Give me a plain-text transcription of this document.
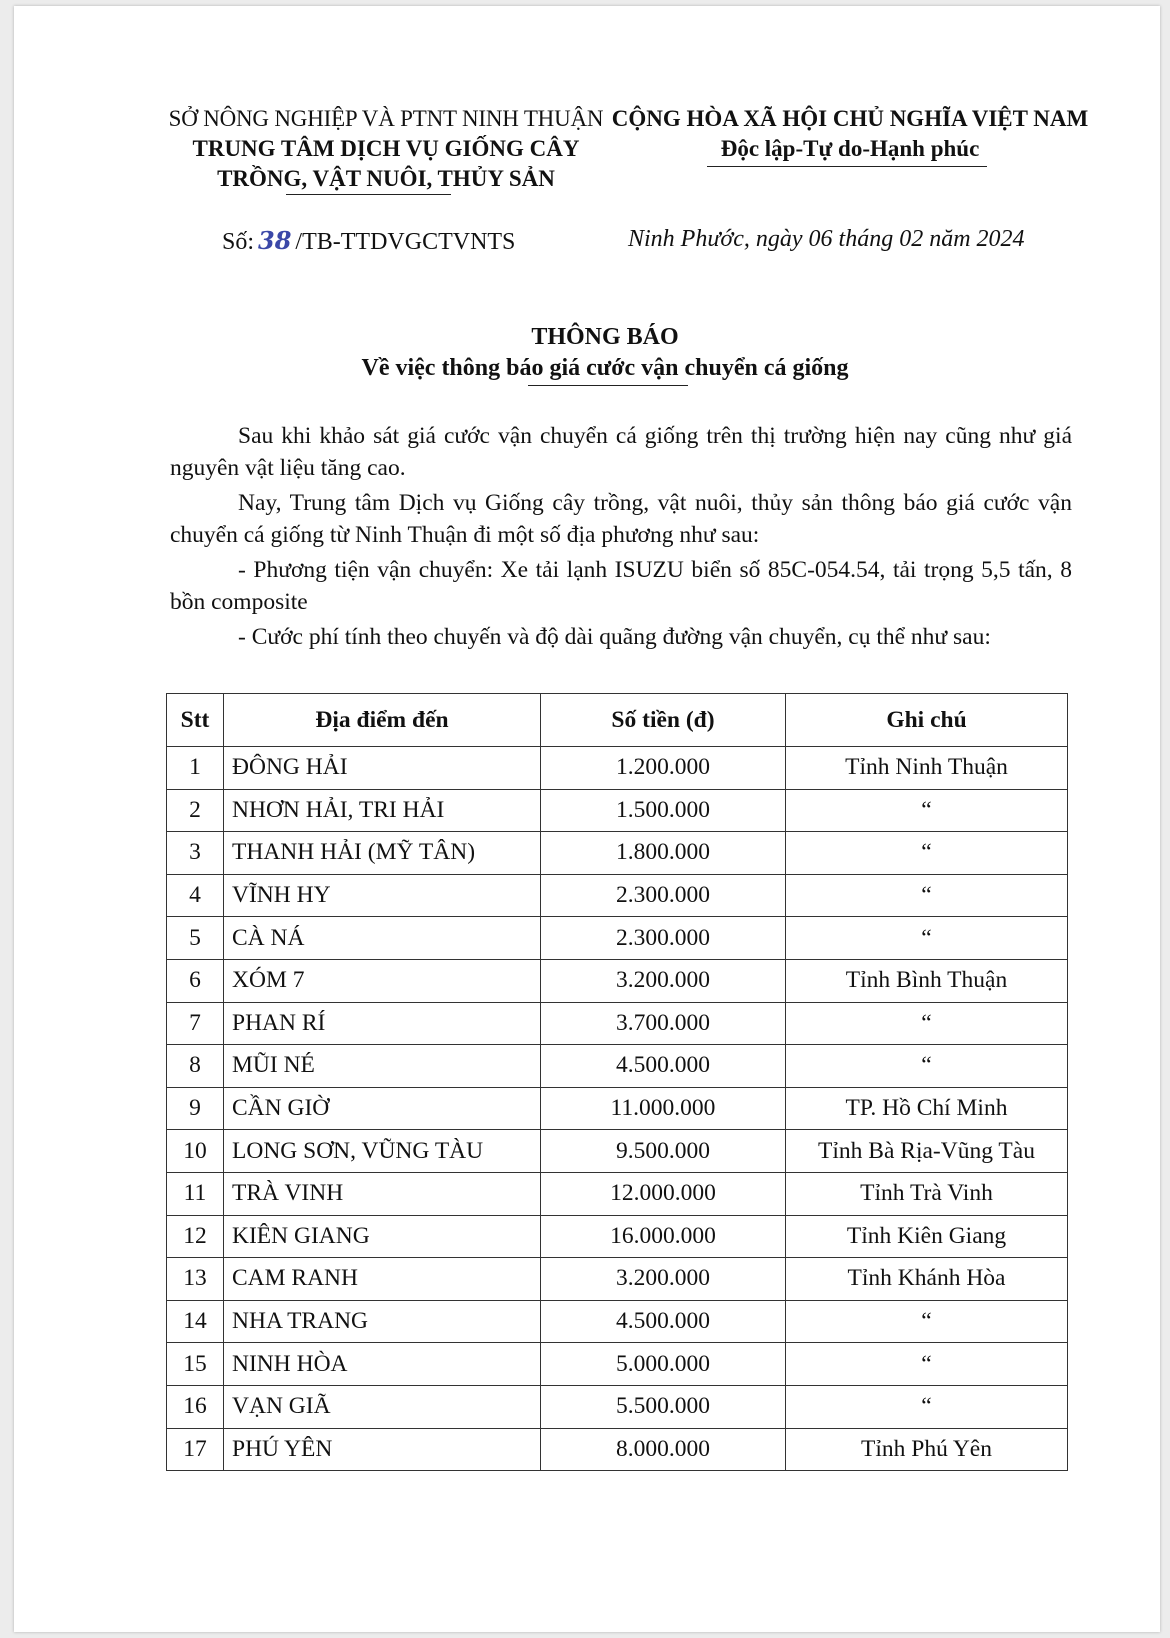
SỞ NÔNG NGHIỆP VÀ PTNT NINH THUẬN
TRUNG TÂM DỊCH VỤ GIỐNG CÂY
TRỒNG, VẬT NUÔI, THỦY SẢN
CỘNG HÒA XÃ HỘI CHỦ NGHĨA VIỆT NAM
Độc lập-Tự do-Hạnh phúc
Số: 38 /TB-TTDVGCTVNTS	Ninh Phước, ngày 06 tháng 02 năm 2024
THÔNG BÁO
Về việc thông báo giá cước vận chuyển cá giống

Sau khi khảo sát giá cước vận chuyển cá giống trên thị trường hiện nay cũng như giá nguyên vật liệu tăng cao.

Nay, Trung tâm Dịch vụ Giống cây trồng, vật nuôi, thủy sản thông báo giá cước vận chuyển cá giống từ Ninh Thuận đi một số địa phương như sau:

- Phương tiện vận chuyển: Xe tải lạnh ISUZU biển số 85C-054.54, tải trọng 5,5 tấn, 8 bồn composite

- Cước phí tính theo chuyến và độ dài quãng đường vận chuyển, cụ thể như sau:

Stt	Địa điểm đến	Số tiền (đ)	Ghi chú
1	ĐÔNG HẢI	1.200.000	Tỉnh Ninh Thuận
2	NHƠN HẢI, TRI HẢI	1.500.000	“
3	THANH HẢI (MỸ TÂN)	1.800.000	“
4	VĨNH HY	2.300.000	“
5	CÀ NÁ	2.300.000	“
6	XÓM 7	3.200.000	Tỉnh Bình Thuận
7	PHAN RÍ	3.700.000	“
8	MŨI NÉ	4.500.000	“
9	CẦN GIỜ	11.000.000	TP. Hồ Chí Minh
10	LONG SƠN, VŨNG TÀU	9.500.000	Tỉnh Bà Rịa-Vũng Tàu
11	TRÀ VINH	12.000.000	Tỉnh Trà Vinh
12	KIÊN GIANG	16.000.000	Tỉnh Kiên Giang
13	CAM RANH	3.200.000	Tỉnh Khánh Hòa
14	NHA TRANG	4.500.000	“
15	NINH HÒA	5.000.000	“
16	VẠN GIÃ	5.500.000	“
17	PHÚ YÊN	8.000.000	Tỉnh Phú Yên
